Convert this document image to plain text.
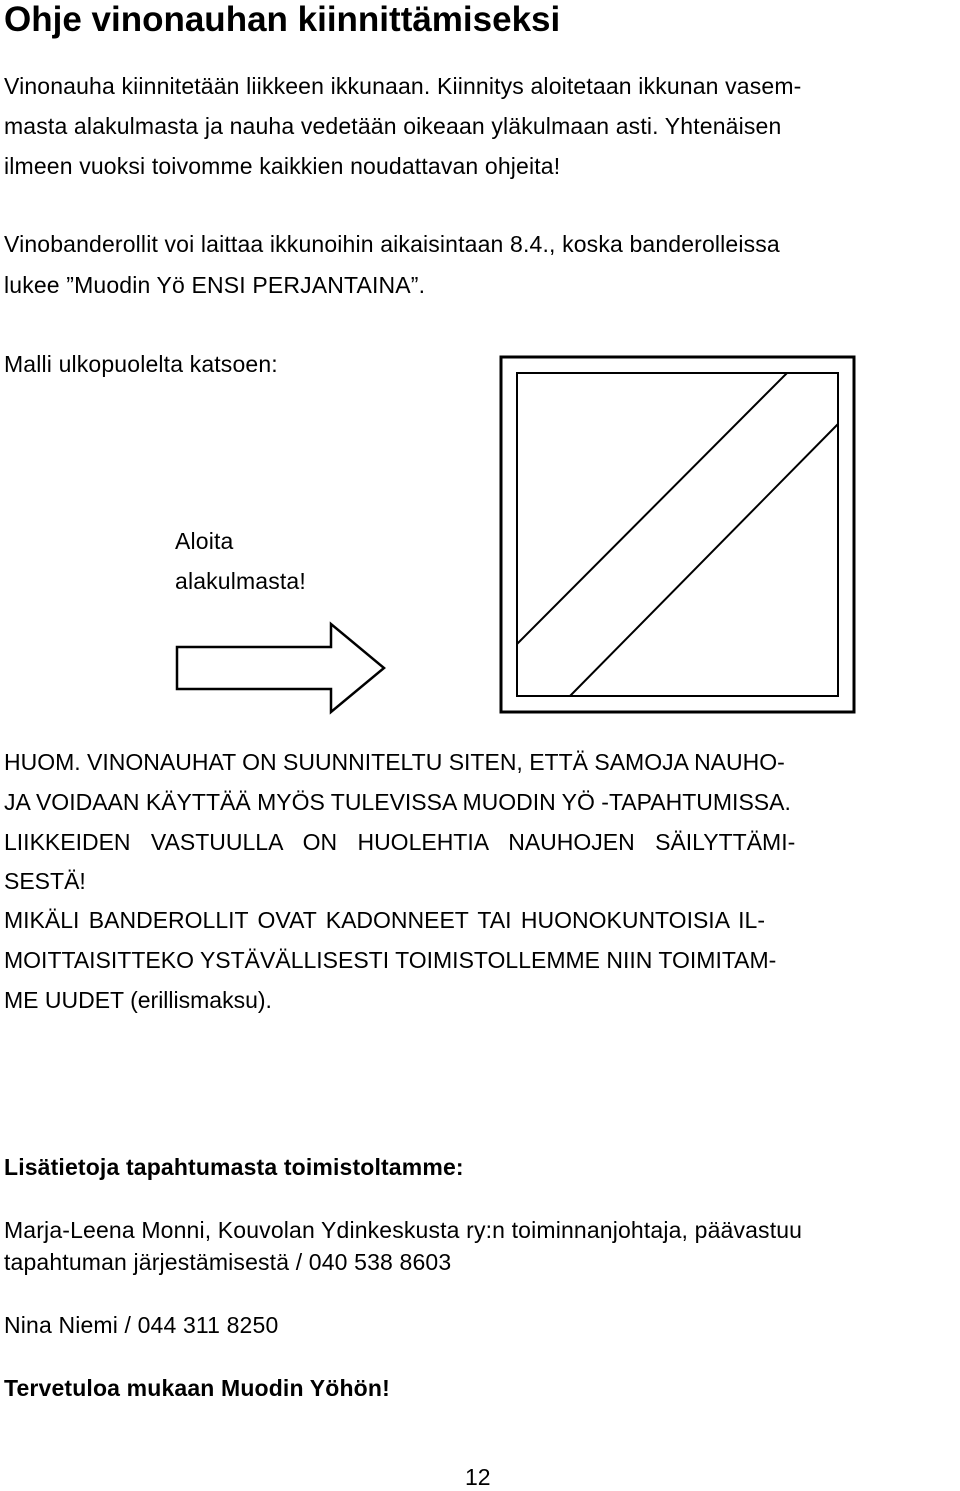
Ohje vinonauhan kiinnittämiseksi
Vinonauha kiinnitetään liikkeen ikkunaan. Kiinnitys aloitetaan ikkunan vasem-
masta alakulmasta ja nauha vedetään oikeaan yläkulmaan asti. Yhtenäisen
ilmeen vuoksi toivomme kaikkien noudattavan ohjeita!
Vinobanderollit voi laittaa ikkunoihin aikaisintaan 8.4., koska banderolleissa
lukee ”Muodin Yö ENSI PERJANTAINA”.
Malli ulkopuolelta katsoen:
Aloita
alakulmasta!
HUOM. VINONAUHAT ON SUUNNITELTU SITEN, ETTÄ SAMOJA NAUHO-
JA VOIDAAN KÄYTTÄÄ MYÖS TULEVISSA MUODIN YÖ -TAPAHTUMISSA.
LIIKKEIDEN VASTUULLA ON HUOLEHTIA NAUHOJEN SÄILYTTÄMI-
SESTÄ!
MIKÄLI BANDEROLLIT OVAT KADONNEET TAI HUONOKUNTOISIA IL-
MOITTAISITTEKO YSTÄVÄLLISESTI TOIMISTOLLEMME NIIN TOIMITAM-
ME UUDET (erillismaksu).
Lisätietoja tapahtumasta toimistoltamme:
Marja-Leena Monni, Kouvolan Ydinkeskusta ry:n toiminnanjohtaja, päävastuu
tapahtuman järjestämisestä / 040 538 8603
Nina Niemi / 044 311 8250
Tervetuloa mukaan Muodin Yöhön!
12
